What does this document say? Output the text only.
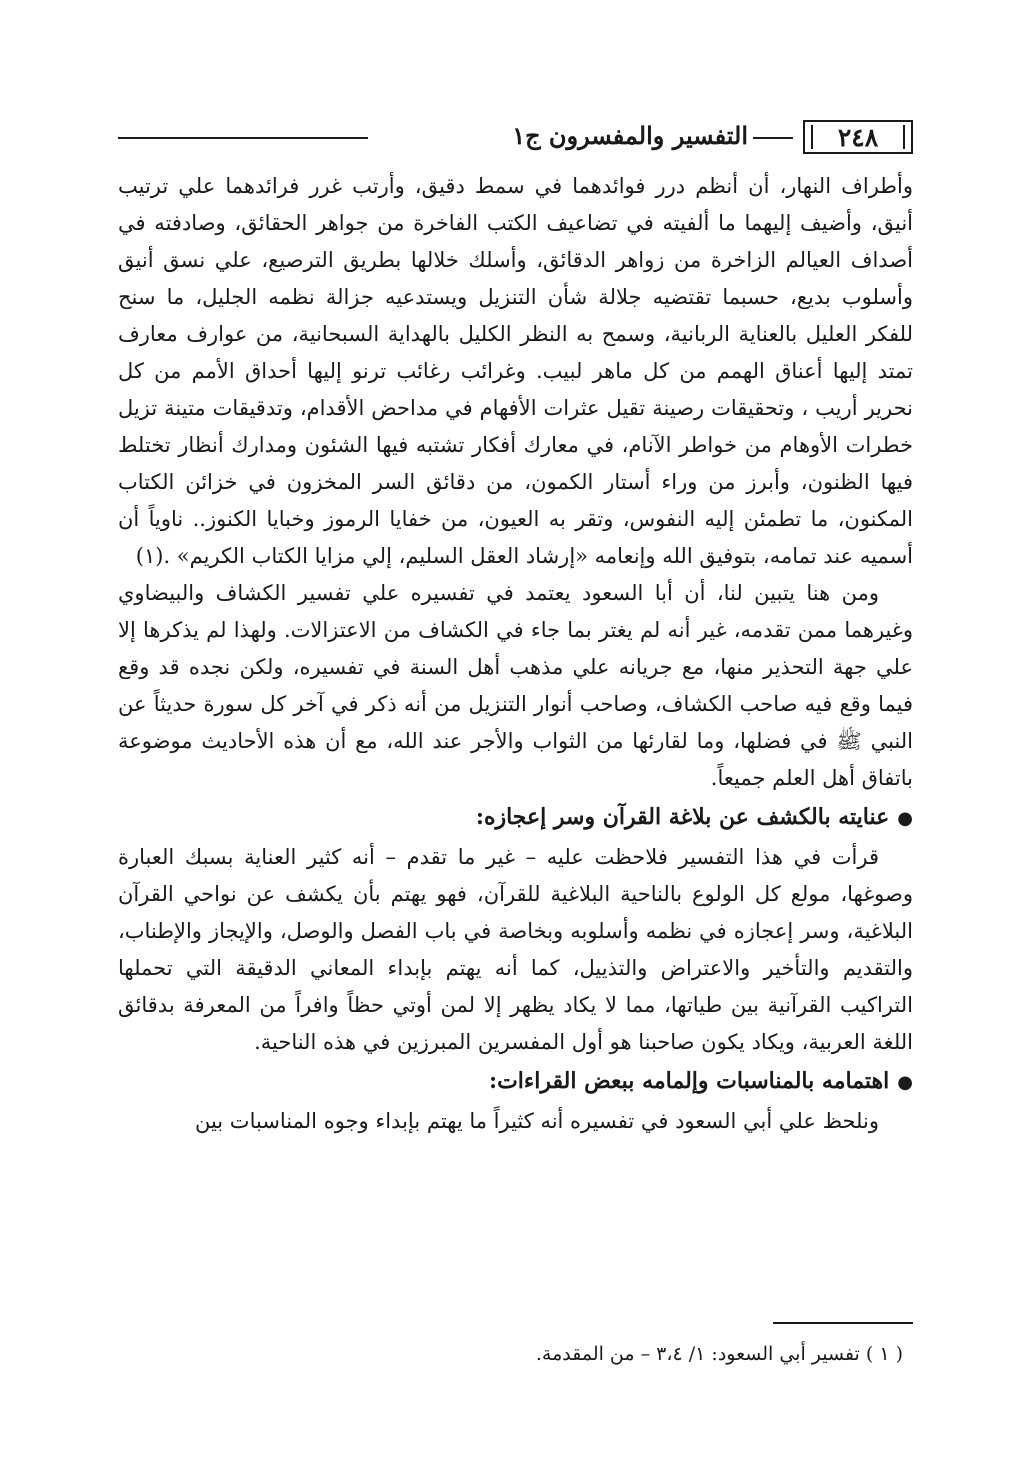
٢٤٨
التفسير والمفسرون ج١

وأطراف النهار، أن أنظم درر فوائدهما في سمط دقيق، وأرتب غرر فرائدهما علي ترتيب أنيق، وأضيف إليهما ما ألفيته في تضاعيف الكتب الفاخرة من جواهر الحقائق، وصادفته في أصداف العيالم الزاخرة من زواهر الدقائق، وأسلك خلالها بطريق الترصيع، علي نسق أنيق وأسلوب بديع، حسبما تقتضيه جلالة شأن التنزيل ويستدعيه جزالة نظمه الجليل، ما سنح للفكر العليل بالعناية الربانية، وسمح به النظر الكليل بالهداية السبحانية، من عوارف معارف تمتد إليها أعناق الهمم من كل ماهر لبيب. وغرائب رغائب ترنو إليها أحداق الأمم من كل نحرير أريب ، وتحقيقات رصينة تقيل عثرات الأفهام في مداحض الأقدام، وتدقيقات متينة تزيل خطرات الأوهام من خواطر الآنام، في معارك أفكار تشتبه فيها الشئون ومدارك أنظار تختلط فيها الظنون، وأبرز من وراء أستار الكمون، من دقائق السر المخزون في خزائن الكتاب المكنون، ما تطمئن إليه النفوس، وتقر به العيون، من خفايا الرموز وخبايا الكنوز.. ناوياً أن أسميه عند تمامه، بتوفيق الله وإنعامه «إرشاد العقل السليم، إلي مزايا الكتاب الكريم» .(١)

ومن هنا يتبين لنا، أن أبا السعود يعتمد في تفسيره علي تفسير الكشاف والبيضاوي وغيرهما ممن تقدمه، غير أنه لم يغتر بما جاء في الكشاف من الاعتزالات. ولهذا لم يذكرها إلا علي جهة التحذير منها، مع جريانه علي مذهب أهل السنة في تفسيره، ولكن نجده قد وقع فيما وقع فيه صاحب الكشاف، وصاحب أنوار التنزيل من أنه ذكر في آخر كل سورة حديثاً عن النبي ﷺ في فضلها، وما لقارئها من الثواب والأجر عند الله، مع أن هذه الأحاديث موضوعة باتفاق أهل العلم جميعاً.

●عنايته بالكشف عن بلاغة القرآن وسر إعجازه:

قرأت في هذا التفسير فلاحظت عليه – غير ما تقدم – أنه كثير العناية بسبك العبارة وصوغها، مولع كل الولوع بالناحية البلاغية للقرآن، فهو يهتم بأن يكشف عن نواحي القرآن البلاغية، وسر إعجازه في نظمه وأسلوبه وبخاصة في باب الفصل والوصل، والإيجاز والإطناب، والتقديم والتأخير والاعتراض والتذييل، كما أنه يهتم بإبداء المعاني الدقيقة التي تحملها التراكيب القرآنية بين طياتها، مما لا يكاد يظهر إلا لمن أوتي حظاً وافراً من المعرفة بدقائق اللغة العربية، ويكاد يكون صاحبنا هو أول المفسرين المبرزين في هذه الناحية.

●اهتمامه بالمناسبات وإلمامه ببعض القراءات:

ونلحظ علي أبي السعود في تفسيره أنه كثيراً ما يهتم بإبداء وجوه المناسبات بين

( ١ ) تفسير أبي السعود: ١/ ٣،٤ – من المقدمة.
